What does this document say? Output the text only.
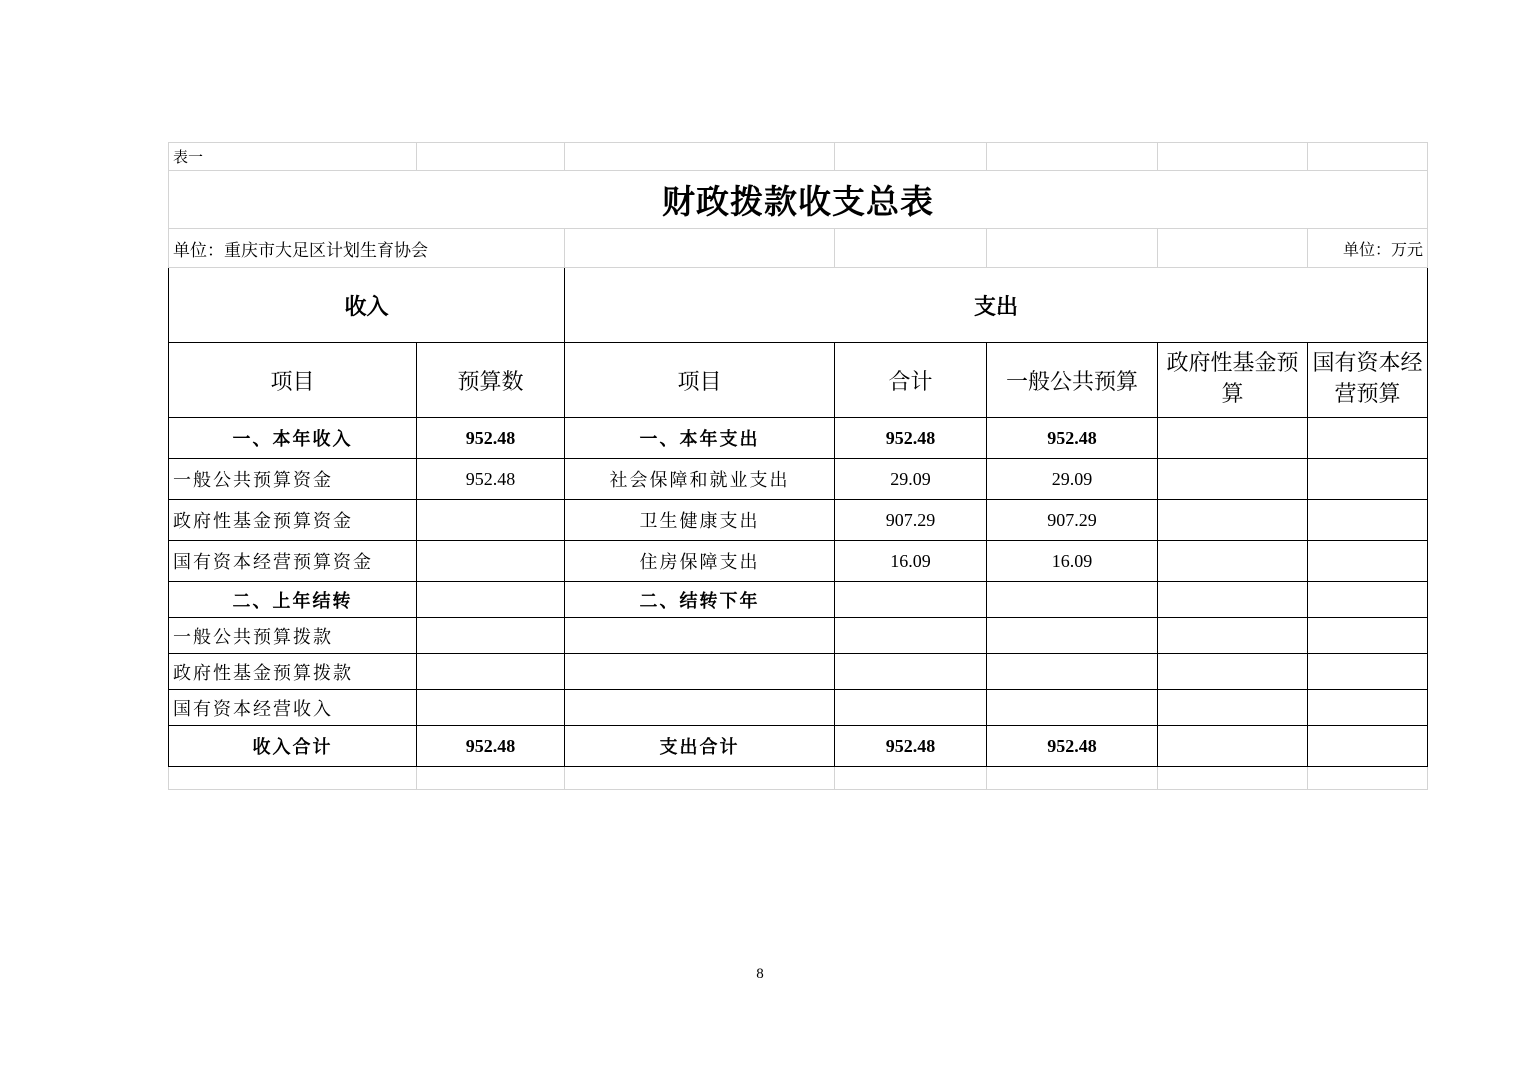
表一						
财政拨款收支总表						
单位：重庆市大足区计划生育协会						单位：万元
收入		支出				
项目	预算数	项目	合计	一般公共预算	政府性基金预算	国有资本经营预算
一、本年收入	952.48	一、本年支出	952.48	952.48		
一般公共预算资金	952.48	社会保障和就业支出	29.09	29.09		
政府性基金预算资金		卫生健康支出	907.29	907.29		
国有资本经营预算资金		住房保障支出	16.09	16.09		
二、上年结转		二、结转下年				
一般公共预算拨款						
政府性基金预算拨款						
国有资本经营收入						
收入合计	952.48	支出合计	952.48	952.48		

8
